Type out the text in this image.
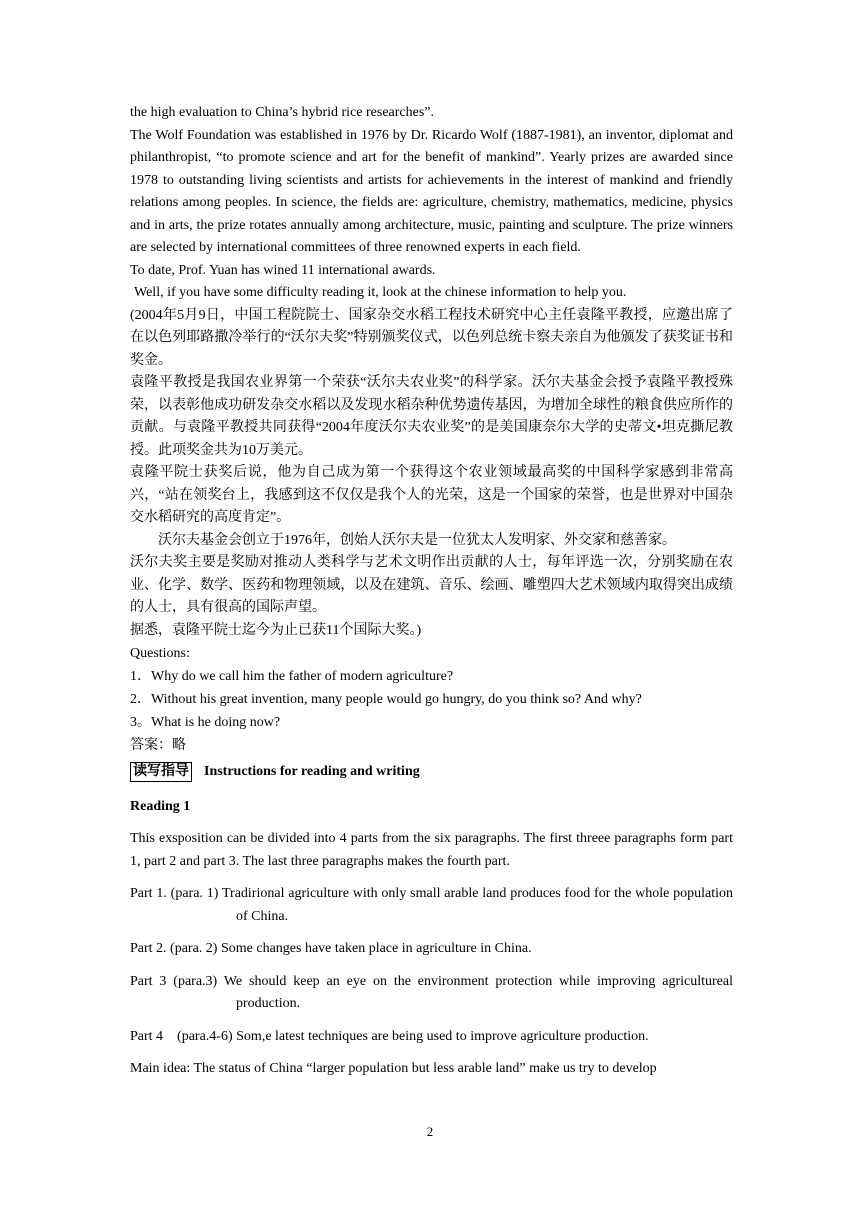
the high evaluation to China’s hybrid rice researches”.

The Wolf Foundation was established in 1976 by Dr. Ricardo Wolf (1887-1981), an inventor, diplomat and philanthropist, “to promote science and art for the benefit of mankind”. Yearly prizes are awarded since 1978 to outstanding living scientists and artists for achievements in the interest of mankind and friendly relations among peoples. In science, the fields are: agriculture, chemistry, mathematics, medicine, physics and in arts, the prize rotates annually among architecture, music, painting and sculpture. The prize winners are selected by international committees of three renowned experts in each field.

To date, Prof. Yuan has wined 11 international awards.

Well, if you have some difficulty reading it, look at the chinese information to help you.

(2004年5月9日，中国工程院院士、国家杂交水稻工程技术研究中心主任袁隆平教授，应邀出席了在以色列耶路撒冷举行的“沃尔夫奖”特别颁奖仪式，以色列总统卡察夫亲自为他颁发了获奖证书和奖金。

袁隆平教授是我国农业界第一个荣获“沃尔夫农业奖”的科学家。沃尔夫基金会授予袁隆平教授殊荣，以表彰他成功研发杂交水稻以及发现水稻杂种优势遗传基因，为增加全球性的粮食供应所作的贡献。与袁隆平教授共同获得“2004年度沃尔夫农业奖”的是美国康奈尔大学的史蒂文•坦克撕尼教授。此项奖金共为10万美元。

袁隆平院士获奖后说，他为自己成为第一个获得这个农业领域最高奖的中国科学家感到非常高兴，“站在领奖台上，我感到这不仅仅是我个人的光荣，这是一个国家的荣誉，也是世界对中国杂交水稻研究的高度肯定”。

沃尔夫基金会创立于1976年，创始人沃尔夫是一位犹太人发明家、外交家和慈善家。

沃尔夫奖主要是奖励对推动人类科学与艺术文明作出贡献的人士，每年评选一次，分别奖励在农业、化学、数学、医药和物理领域，以及在建筑、音乐、绘画、雕塑四大艺术领域内取得突出成绩的人士，具有很高的国际声望。

据悉，袁隆平院士迄今为止已获11个国际大奖。)

Questions:

1．Why do we call him the father of modern agriculture?

2．Without his great invention, many people would go hungry, do you think so? And why?

3。What is he doing now?

答案：略

读写指导 Instructions for reading and writing
Reading 1
This exsposition can be divided into 4 parts from the six paragraphs. The first threee paragraphs form part 1, part 2 and part 3. The last three paragraphs makes the fourth part.
Part 1. (para. 1) Tradirional agriculture with only small arable land produces food for the whole population of China.
Part 2. (para. 2) Some changes have taken place in agriculture in China.
Part 3 (para.3) We should keep an eye on the environment protection while improving agricultureal production.
Part 4    (para.4-6) Som,e latest techniques are being used to improve agriculture production.
Main idea: The status of China “larger population but less arable land” make us try to develop
2
